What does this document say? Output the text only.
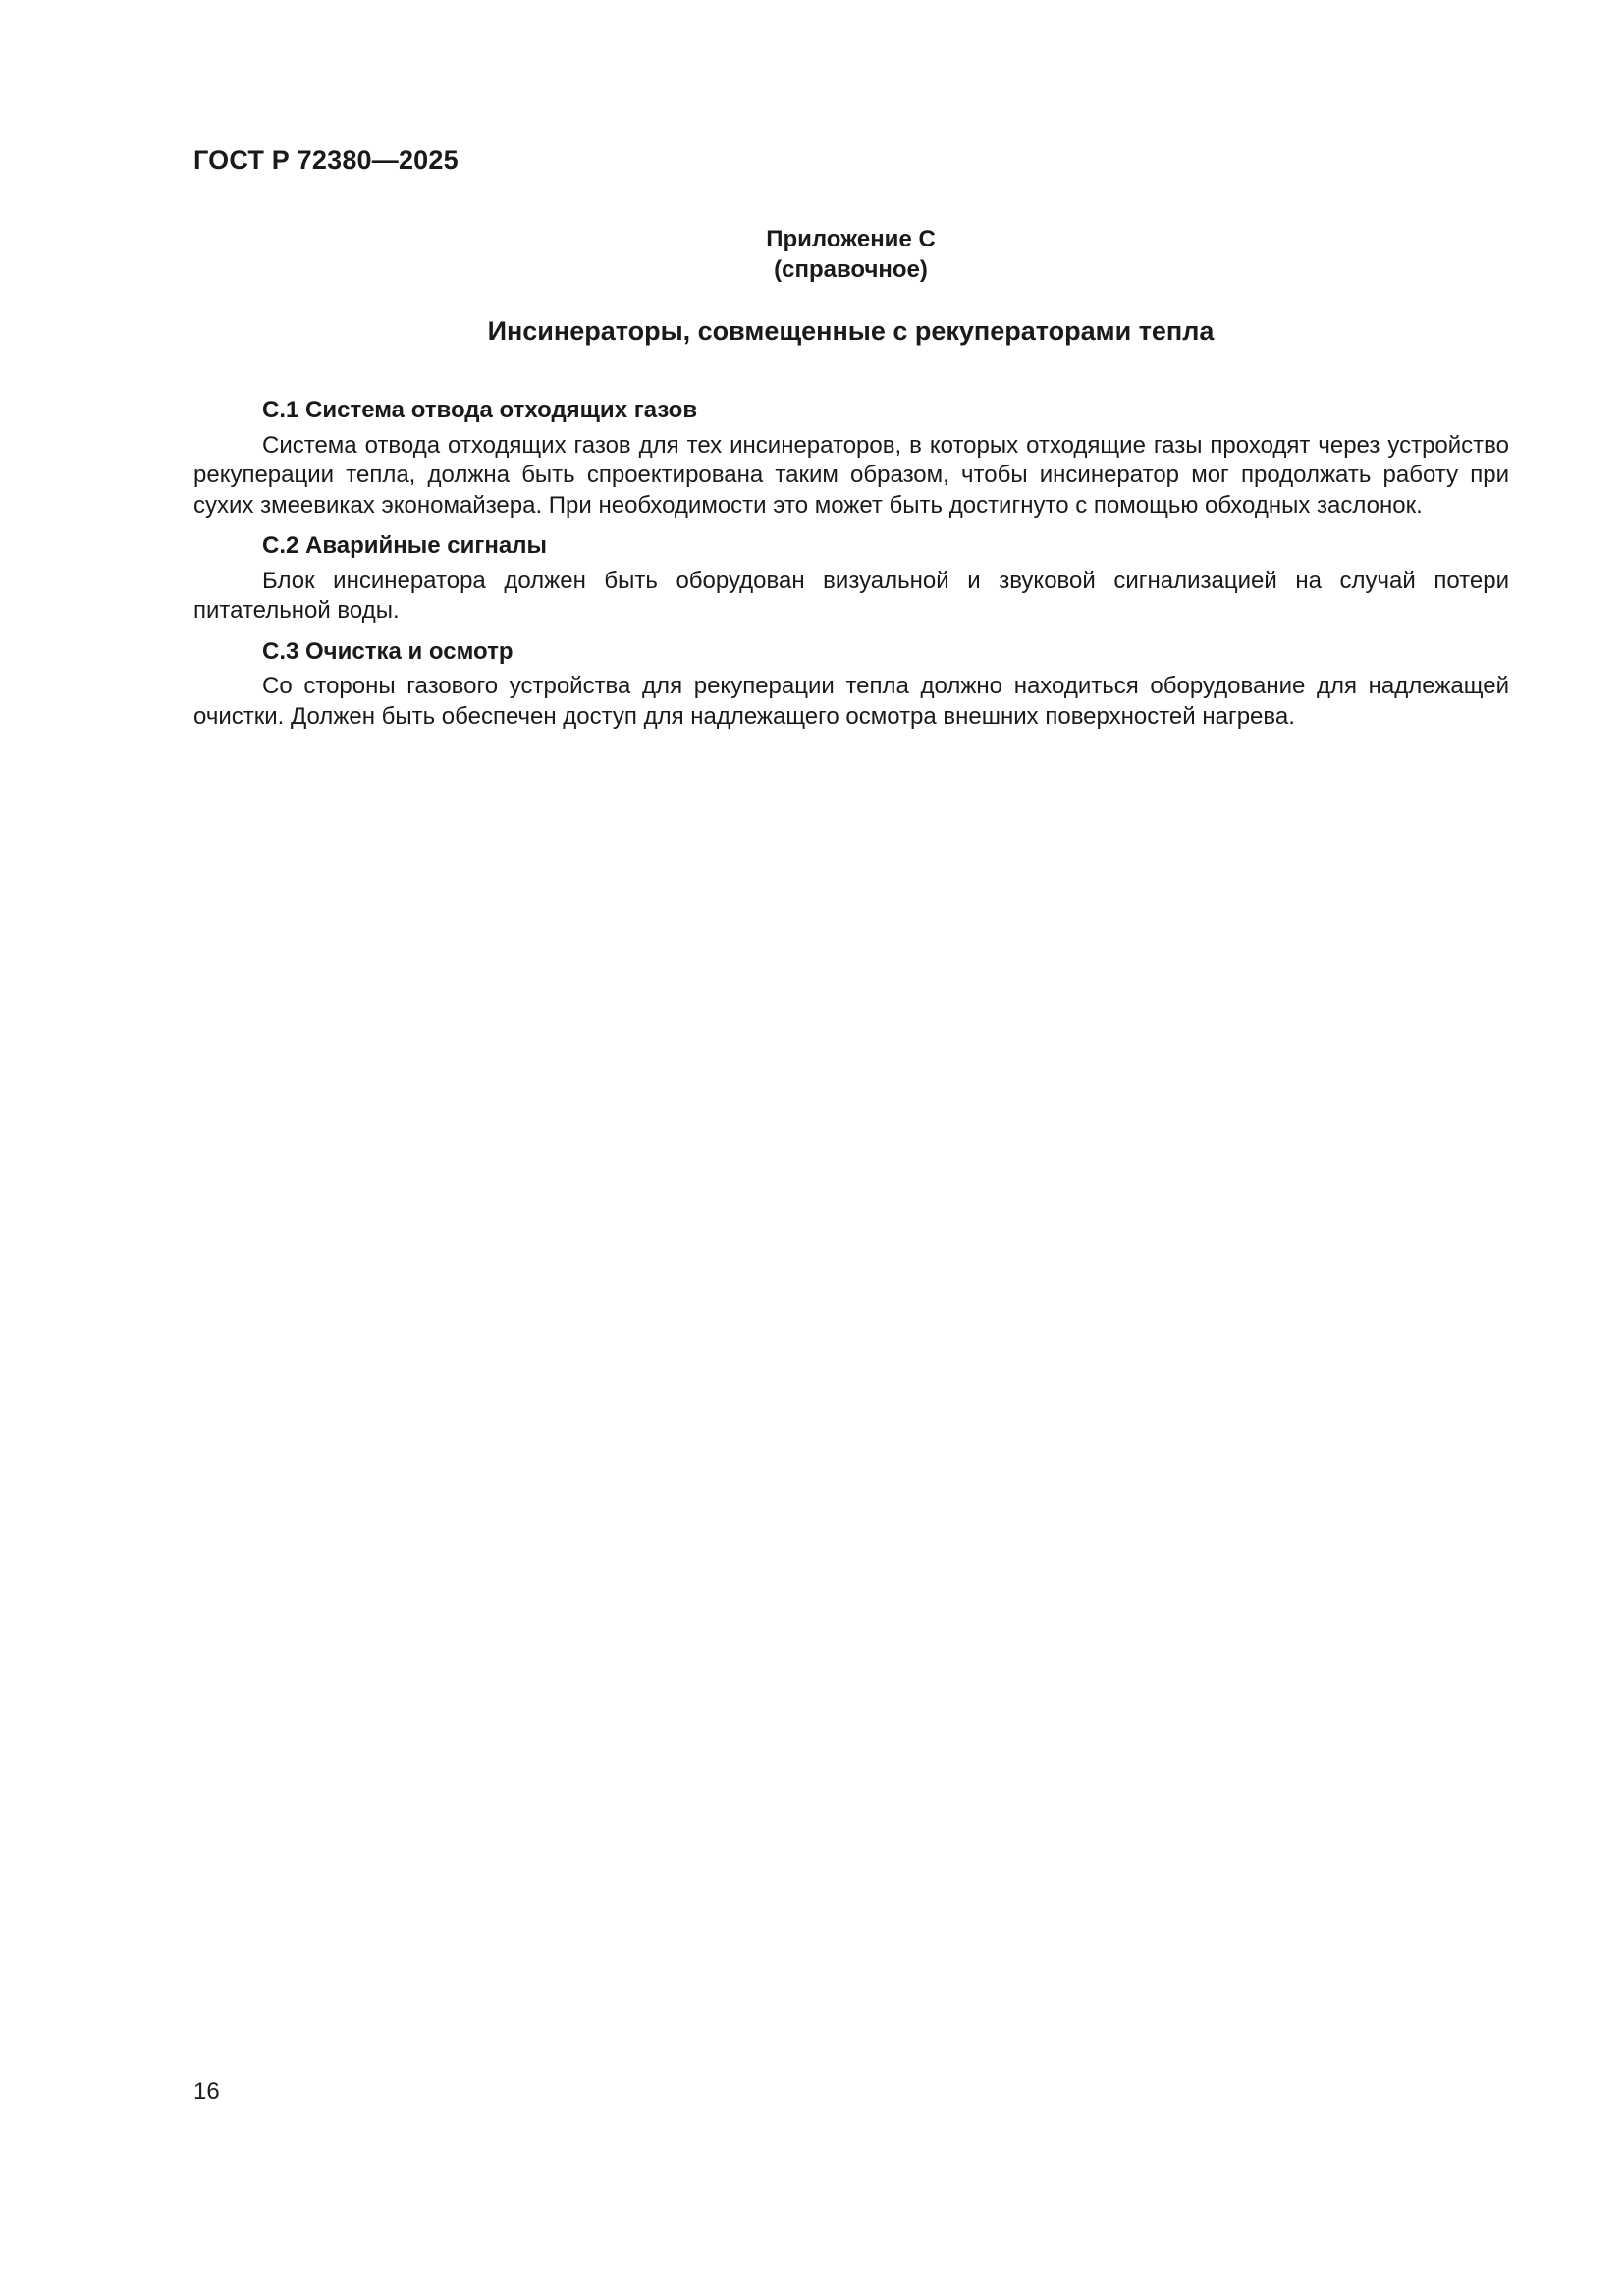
ГОСТ Р 72380—2025
Приложение С
(справочное)
Инсинераторы, совмещенные с рекуператорами тепла
С.1 Система отвода отходящих газов
Система отвода отходящих газов для тех инсинераторов, в которых отходящие газы проходят через устройство рекуперации тепла, должна быть спроектирована таким образом, чтобы инсинератор мог продолжать работу при сухих змеевиках экономайзера. При необходимости это может быть достигнуто с помощью обходных заслонок.
С.2 Аварийные сигналы
Блок инсинератора должен быть оборудован визуальной и звуковой сигнализацией на случай потери питательной воды.
С.3 Очистка и осмотр
Со стороны газового устройства для рекуперации тепла должно находиться оборудование для надлежащей очистки. Должен быть обеспечен доступ для надлежащего осмотра внешних поверхностей нагрева.
16
